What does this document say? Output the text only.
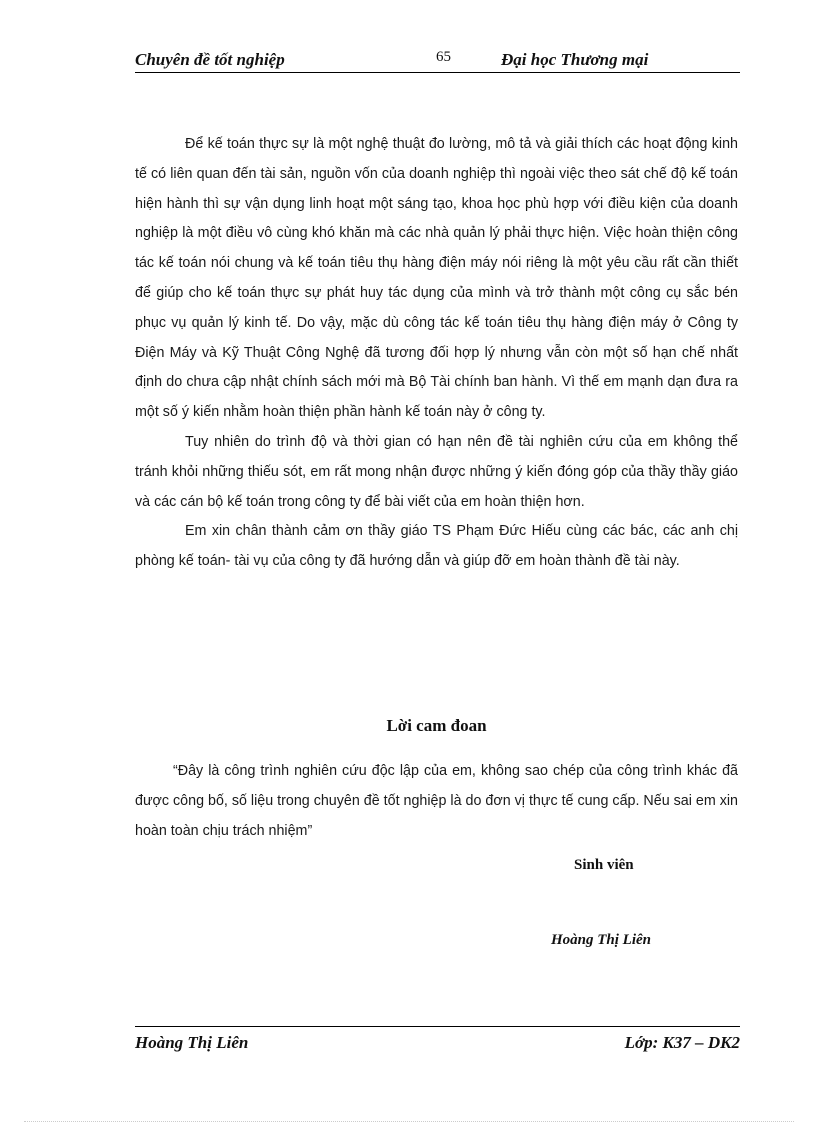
Chuyên đề tốt nghiệp	65	Đại học Thương mại

Để kế toán thực sự là một nghệ thuật đo lường, mô tả và giải thích các hoạt động kinh tế có liên quan đến tài sản, nguồn vốn của doanh nghiệp thì ngoài việc theo sát chế độ kế toán hiện hành thì sự vận dụng linh hoạt một sáng tạo, khoa học phù hợp với điều kiện của doanh nghiệp là một điều vô cùng khó khăn mà các nhà quản lý phải thực hiện. Việc hoàn thiện công tác kế toán nói chung và kế toán tiêu thụ hàng điện máy nói riêng là một yêu cầu rất cần thiết để giúp cho kế toán thực sự phát huy tác dụng của mình và trở thành một công cụ sắc bén phục vụ quản lý kinh tế. Do vậy, mặc dù công tác kế toán tiêu thụ hàng điện máy ở Công ty Điện Máy và Kỹ Thuật Công Nghệ đã tương đối hợp lý nhưng vẫn còn một số hạn chế nhất định do chưa cập nhật chính sách mới mà Bộ Tài chính ban hành. Vì thế em mạnh dạn đưa ra một số ý kiến nhằm hoàn thiện phần hành kế toán này ở công ty.

Tuy nhiên do trình độ và thời gian có hạn nên đề tài nghiên cứu của em không thể tránh khỏi những thiếu sót, em rất mong nhận được những ý kiến đóng góp của thầy thầy giáo và các cán bộ kế toán trong công ty để bài viết của em hoàn thiện hơn.

Em xin chân thành cảm ơn thầy giáo TS Phạm Đức Hiếu cùng các bác, các anh chị phòng kế toán- tài vụ của công ty đã hướng dẫn và giúp đỡ em hoàn thành đề tài này.

Lời cam đoan

“Đây là công trình nghiên cứu độc lập của em, không sao chép của công trình khác đã được công bố, số liệu trong chuyên đề tốt nghiệp là do đơn vị thực tế cung cấp. Nếu sai em xin hoàn toàn chịu trách nhiệm”

Sinh viên
Hoàng Thị Liên
Hoàng Thị Liên	Lớp: K37 – DK2
